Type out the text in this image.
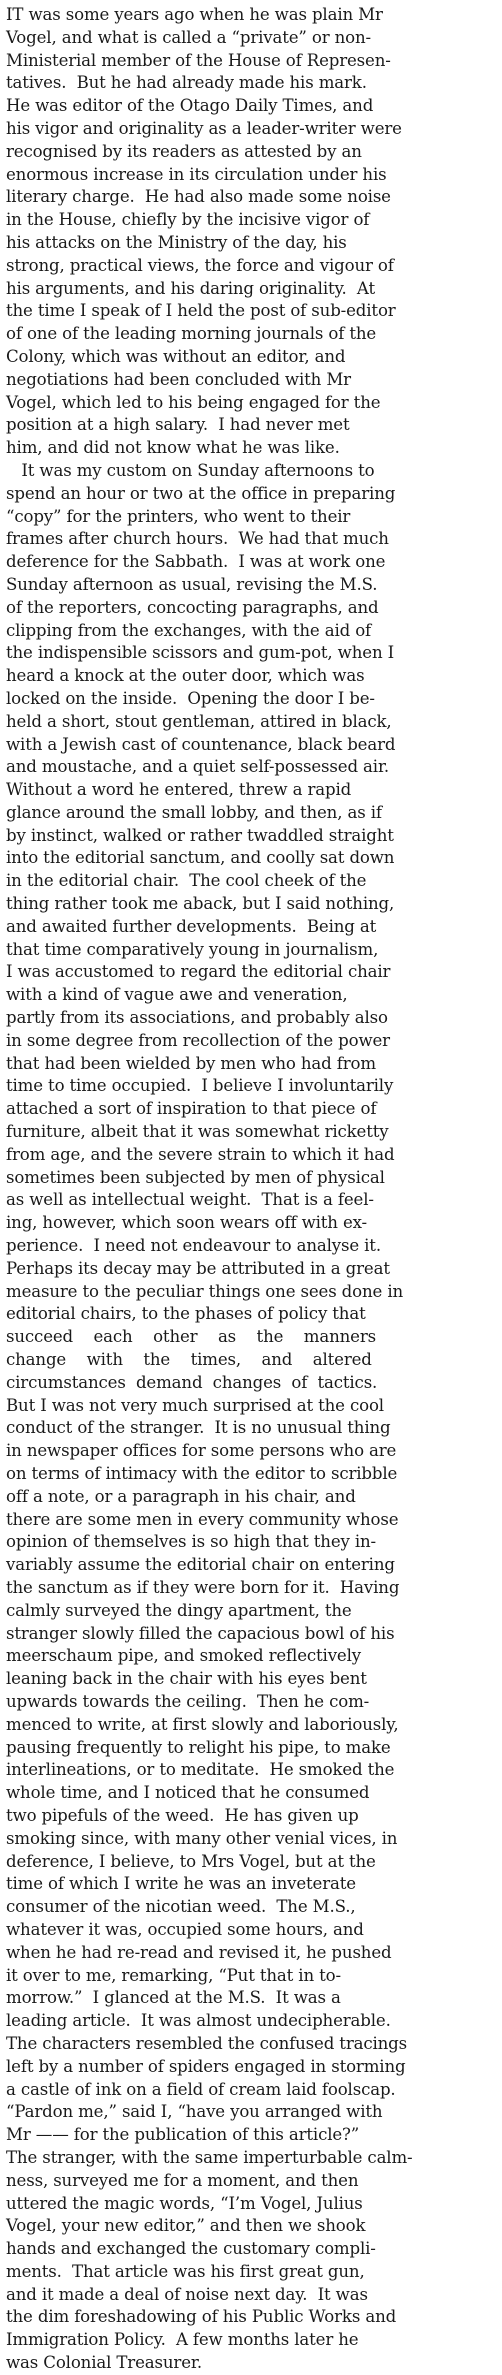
IT was some years ago when he was plain Mr
Vogel, and what is called a “private” or non-
Ministerial member of the House of Represen-
tatives.  But he had already made his mark.
He was editor of the Otago Daily Times, and
his vigor and originality as a leader-writer were
recognised by its readers as attested by an
enormous increase in its circulation under his
literary charge.  He had also made some noise
in the House, chiefly by the incisive vigor of
his attacks on the Ministry of the day, his
strong, practical views, the force and vigour of
his arguments, and his daring originality.  At
the time I speak of I held the post of sub-editor
of one of the leading morning journals of the
Colony, which was without an editor, and
negotiations had been concluded with Mr
Vogel, which led to his being engaged for the
position at a high salary.  I had never met
him, and did not know what he was like.
It was my custom on Sunday afternoons to
spend an hour or two at the office in preparing
“copy” for the printers, who went to their
frames after church hours.  We had that much
deference for the Sabbath.  I was at work one
Sunday afternoon as usual, revising the M.S.
of the reporters, concocting paragraphs, and
clipping from the exchanges, with the aid of
the indispensible scissors and gum-pot, when I
heard a knock at the outer door, which was
locked on the inside.  Opening the door I be-
held a short, stout gentleman, attired in black,
with a Jewish cast of countenance, black beard
and moustache, and a quiet self-possessed air.
Without a word he entered, threw a rapid
glance around the small lobby, and then, as if
by instinct, walked or rather twaddled straight
into the editorial sanctum, and coolly sat down
in the editorial chair.  The cool cheek of the
thing rather took me aback, but I said nothing,
and awaited further developments.  Being at
that time comparatively young in journalism,
I was accustomed to regard the editorial chair
with a kind of vague awe and veneration,
partly from its associations, and probably also
in some degree from recollection of the power
that had been wielded by men who had from
time to time occupied.  I believe I involuntarily
attached a sort of inspiration to that piece of
furniture, albeit that it was somewhat ricketty
from age, and the severe strain to which it had
sometimes been subjected by men of physical
as well as intellectual weight.  That is a feel-
ing, however, which soon wears off with ex-
perience.  I need not endeavour to analyse it.
Perhaps its decay may be attributed in a great
measure to the peculiar things one sees done in
editorial chairs, to the phases of policy that
succeed    each    other    as    the    manners
change    with    the    times,    and    altered
circumstances  demand  changes  of  tactics.
But I was not very much surprised at the cool
conduct of the stranger.  It is no unusual thing
in newspaper offices for some persons who are
on terms of intimacy with the editor to scribble
off a note, or a paragraph in his chair, and
there are some men in every community whose
opinion of themselves is so high that they in-
variably assume the editorial chair on entering
the sanctum as if they were born for it.  Having
calmly surveyed the dingy apartment, the
stranger slowly filled the capacious bowl of his
meerschaum pipe, and smoked reflectively
leaning back in the chair with his eyes bent
upwards towards the ceiling.  Then he com-
menced to write, at first slowly and laboriously,
pausing frequently to relight his pipe, to make
interlineations, or to meditate.  He smoked the
whole time, and I noticed that he consumed
two pipefuls of the weed.  He has given up
smoking since, with many other venial vices, in
deference, I believe, to Mrs Vogel, but at the
time of which I write he was an inveterate
consumer of the nicotian weed.  The M.S.,
whatever it was, occupied some hours, and
when he had re-read and revised it, he pushed
it over to me, remarking, “Put that in to-
morrow.”  I glanced at the M.S.  It was a
leading article.  It was almost undecipherable.
The characters resembled the confused tracings
left by a number of spiders engaged in storming
a castle of ink on a field of cream laid foolscap.
“Pardon me,” said I, “have you arranged with
Mr —— for the publication of this article?”
The stranger, with the same imperturbable calm-
ness, surveyed me for a moment, and then
uttered the magic words, “I’m Vogel, Julius
Vogel, your new editor,” and then we shook
hands and exchanged the customary compli-
ments.  That article was his first great gun,
and it made a deal of noise next day.  It was
the dim foreshadowing of his Public Works and
Immigration Policy.  A few months later he
was Colonial Treasurer.
